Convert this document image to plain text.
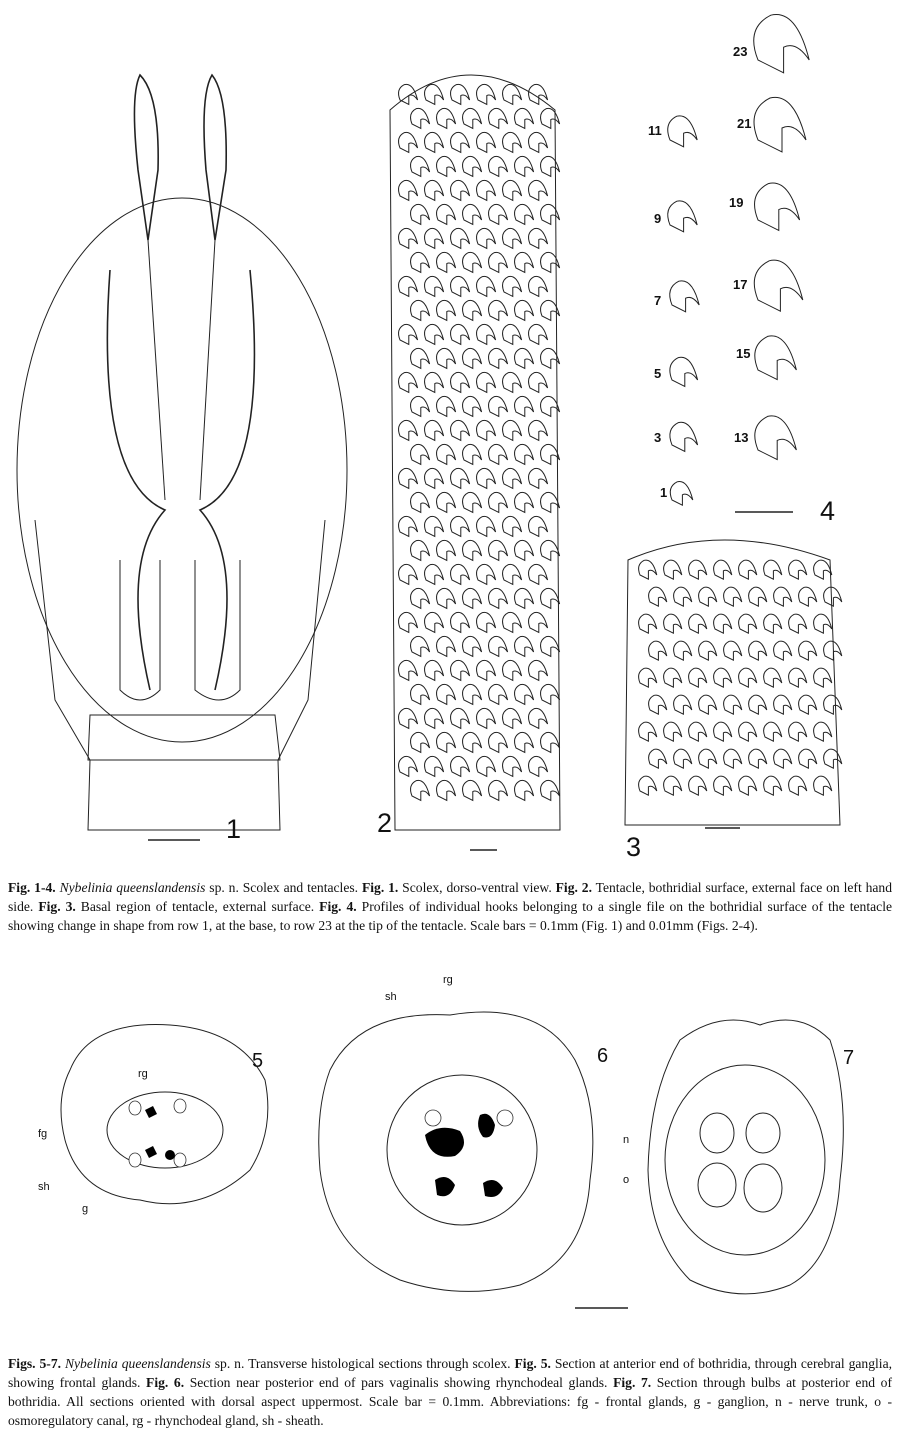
1	2
3
4
23
21
19
17
15
13
11
9
7
5
3
1
5
rg
fg
sh
g
6
sh
rg
7
n
o
Fig. 1-4. Nybelinia queenslandensis sp. n. Scolex and tentacles. Fig. 1. Scolex, dorso-ventral view. Fig. 2. Tentacle, bothridial surface, external face on left hand side. Fig. 3. Basal region of tentacle, external surface. Fig. 4. Profiles of individual hooks belonging to a single file on the bothridial surface of the tentacle showing change in shape from row 1, at the base, to row 23 at the tip of the tentacle. Scale bars = 0.1mm (Fig. 1) and 0.01mm (Figs. 2-4).
Figs. 5-7. Nybelinia queenslandensis sp. n. Transverse histological sections through scolex. Fig. 5. Section at anterior end of bothridia, through cerebral ganglia, showing frontal glands. Fig. 6. Section near posterior end of pars vaginalis showing rhynchodeal glands. Fig. 7. Section through bulbs at posterior end of bothridia. All sections oriented with dorsal aspect uppermost. Scale bar = 0.1mm. Abbreviations: fg - frontal glands, g - ganglion, n - nerve trunk, o - osmoregulatory canal, rg - rhynchodeal gland, sh - sheath.
